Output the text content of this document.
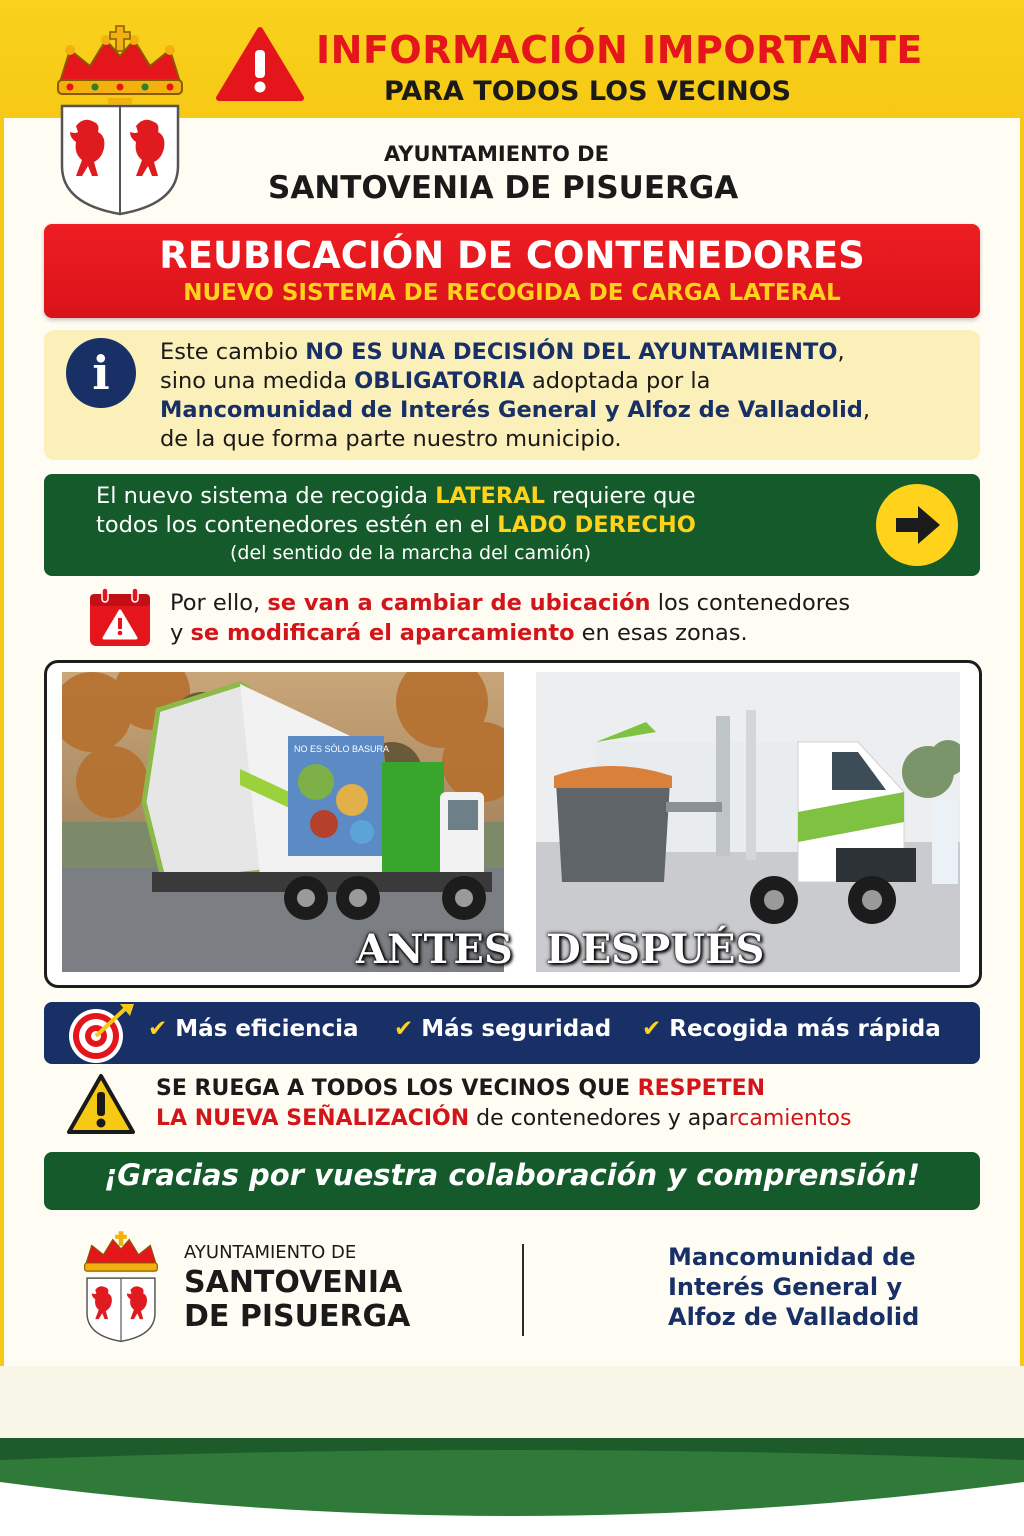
INFORMACIÓN IMPORTANTE
PARA TODOS LOS VECINOS
AYUNTAMIENTO DE
SANTOVENIA DE PISUERGA
REUBICACIÓN DE CONTENEDORES
NUEVO SISTEMA DE RECOGIDA DE CARGA LATERAL
i	Este cambio NO ES UNA DECISIÓN DEL AYUNTAMIENTO,
sino una medida OBLIGATORIA adoptada por la
Mancomunidad de Interés General y Alfoz de Valladolid,
de la que forma parte nuestro municipio.
El nuevo sistema de recogida LATERAL requiere que
todos los contenedores estén en el LADO DERECHO
(del sentido de la marcha del camión)
Por ello, se van a cambiar de ubicación los contenedores
y se modificará el aparcamiento en esas zonas.
NO ES SÓLO BASURA
ANTES DESPUÉS
✔ Más eficiencia ✔ Más seguridad ✔ Recogida más rápida
SE RUEGA A TODOS LOS VECINOS QUE RESPETEN
LA NUEVA SEÑALIZACIÓN de contenedores y aparcamientos
¡Gracias por vuestra colaboración y comprensión!
AYUNTAMIENTO DE
SANTOVENIA
DE PISUERGA
Mancomunidad de
Interés General y
Alfoz de Valladolid
